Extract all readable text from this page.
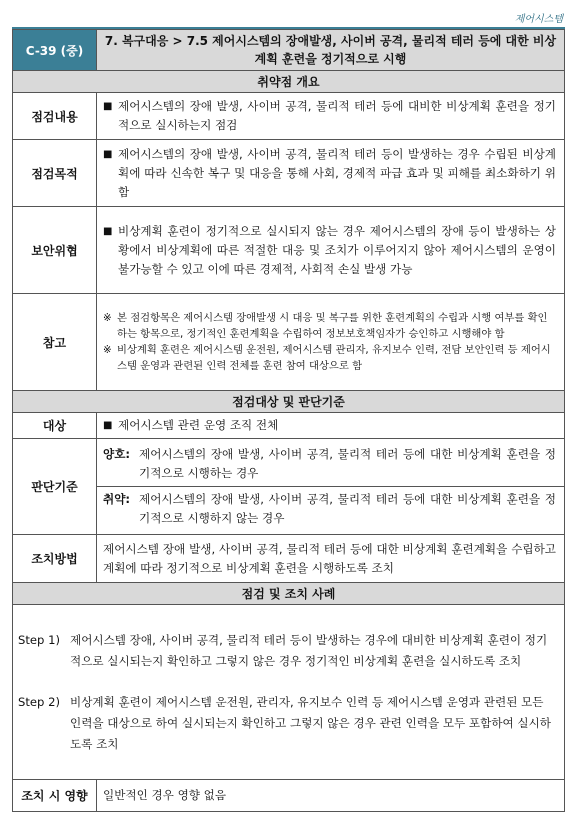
제어시스템
C-39 (중)	7. 복구대응 > 7.5 제어시스템의 장애발생, 사이버 공격, 물리적 테러 등에 대한 비상계획 훈련을 정기적으로 시행
취약점 개요	
점검내용	■ 제어시스템의 장애 발생, 사이버 공격, 물리적 테러 등에 대비한 비상계획 훈련을 정기적으로 실시하는지 점검

점검목적	■ 제어시스템의 장애 발생, 사이버 공격, 물리적 테러 등이 발생하는 경우 수립된 비상계획에 따라 신속한 복구 및 대응을 통해 사회, 경제적 파급 효과 및 피해를 최소화하기 위함

보안위협	■ 비상계획 훈련이 정기적으로 실시되지 않는 경우 제어시스템의 장애 등이 발생하는 상황에서 비상계획에 따른 적절한 대응 및 조치가 이루어지지 않아 제어시스템의 운영이 불가능할 수 있고 이에 따른 경제적, 사회적 손실 발생 가능

참고	※ 본 점검항목은 제어시스템 장애발생 시 대응 및 복구를 위한 훈련계획의 수립과 시행 여부를 확인하는 항목으로, 정기적인 훈련계획을 수립하여 정보보호책임자가 승인하고 시행해야 함
※ 비상계획 훈련은 제어시스템 운전원, 제어시스템 관리자, 유지보수 인력, 전담 보안인력 등 제어시스템 운영과 관련된 인력 전체를 훈련 참여 대상으로 함

점검대상 및 판단기준	
대상	■ 제어시스템 관련 운영 조직 전체

판단기준	양호: 제어시스템의 장애 발생, 사이버 공격, 물리적 테러 등에 대한 비상계획 훈련을 정기적으로 시행하는 경우
취약: 제어시스템의 장애 발생, 사이버 공격, 물리적 테러 등에 대한 비상계획 훈련을 정기적으로 시행하지 않는 경우

조치방법	제어시스템 장애 발생, 사이버 공격, 물리적 테러 등에 대한 비상계획 훈련계획을 수립하고 계획에 따라 정기적으로 비상계획 훈련을 시행하도록 조치
점검 및 조치 사례	

Step 1) 제어시스템 장애, 사이버 공격, 물리적 테러 등이 발생하는 경우에 대비한 비상계획 훈련이 정기적으로 실시되는지 확인하고 그렇지 않은 경우 정기적인 비상계획 훈련을 실시하도록 조치
Step 2) 비상계획 훈련이 제어시스템 운전원, 관리자, 유지보수 인력 등 제어시스템 운영과 관련된 모든 인력을 대상으로 하여 실시되는지 확인하고 그렇지 않은 경우 관련 인력을 모두 포함하여 실시하도록 조치	

조치 시 영향	일반적인 경우 영향 없음
